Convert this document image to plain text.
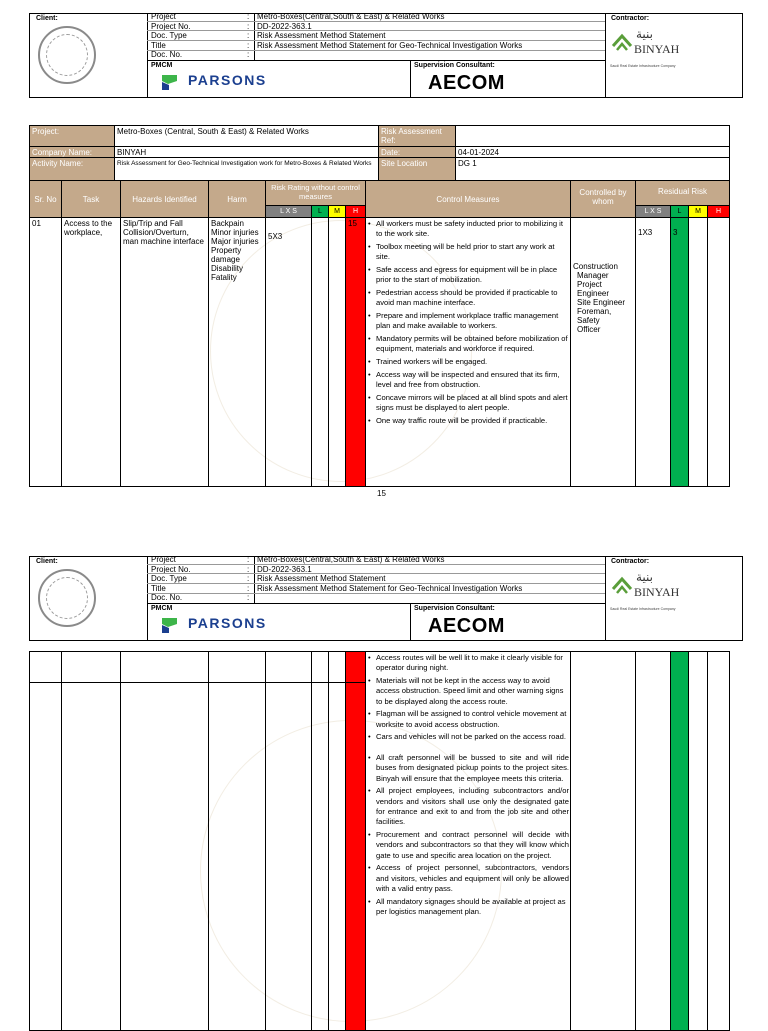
Client:	Contractor:
Project	: Metro-Boxes(Central,South & East) & Related Works
Project No.	: DD-2022-363.1
Doc. Type	: Risk Assessment Method Statement
Title	: Risk Assessment Method Statement for Geo-Technical Investigation Works
Doc. No.	:
PMCM
PARSONS
Supervision Consultant:
AECOM
بنية
BINYAH
Saudi Real Estate Infrastructure Company
Project:	Metro-Boxes (Central, South & East) & Related Works	Risk Assessment Ref:
Company Name:	BINYAH	Date:	04-01-2024
Activity Name:	Risk Assessment for Geo-Technical Investigation work for Metro-Boxes & Related Works	Site Location	DG 1
Sr. No	Task	Hazards Identified	Harm
Risk Rating without control measures
L X S	L	M	H
Control Measures
Controlled by whom
Residual Risk
L X S	L	M	H
01	Access to the workplace,
Slip/Trip and Fall Collision/Overturn, man machine interface
Backpain
Minor injuries
Major injuries
Property damage
Disability
Fatality
5X3
15
•	All workers must be safety inducted prior to mobilizing it to the work site.
• Toolbox meeting will be held prior to start any work at site.
• Safe access and egress for equipment will be in place prior to the start of mobilization.
• Pedestrian access should be provided if practicable to avoid man machine interface.
• Prepare and implement workplace traffic management plan and make available to workers.
• Mandatory permits will be obtained before mobilization of equipment, materials and workforce if required.
• Trained workers will be engaged.
• Access way will be inspected and ensured that its firm, level and free from obstruction.
• Concave mirrors will be placed at all blind spots and alert signs must be displayed to alert people.
• One way traffic route will be provided if practicable.
Construction
Manager
Project
Engineer
Site Engineer
Foreman,
Safety
Officer
1X3	3
15
Client:	Contractor:
Project	: Metro-Boxes(Central,South & East) & Related Works
Project No.	: DD-2022-363.1
Doc. Type	: Risk Assessment Method Statement
Title	: Risk Assessment Method Statement for Geo-Technical Investigation Works
Doc. No.	:
PMCM
PARSONS
Supervision Consultant:
AECOM
بنية
BINYAH
Saudi Real Estate Infrastructure Company
• Access routes will be well lit to make it clearly visible for operator during night.
• Materials will not be kept in the access way to avoid access obstruction. Speed limit and other warning signs to be displayed along the access route.
• Flagman will be assigned to control vehicle movement at worksite to avoid access obstruction.
• Cars and vehicles will not be parked on the access road.
• All craft personnel will be bussed to site and will ride buses from designated pickup points to the project sites. Binyah will ensure that the employee meets this criteria.
• All project employees, including subcontractors and/or vendors and visitors shall use only the designated gate for entrance and exit to and from the job site and other facilities.
• Procurement and contract personnel will decide with vendors and subcontractors so that they will know which gate to use and specific area location on the project.
• Access of project personnel, subcontractors, vendors and visitors, vehicles and equipment will only be allowed with a valid entry pass.
• All mandatory signages should be available at project as per logistics management plan.
